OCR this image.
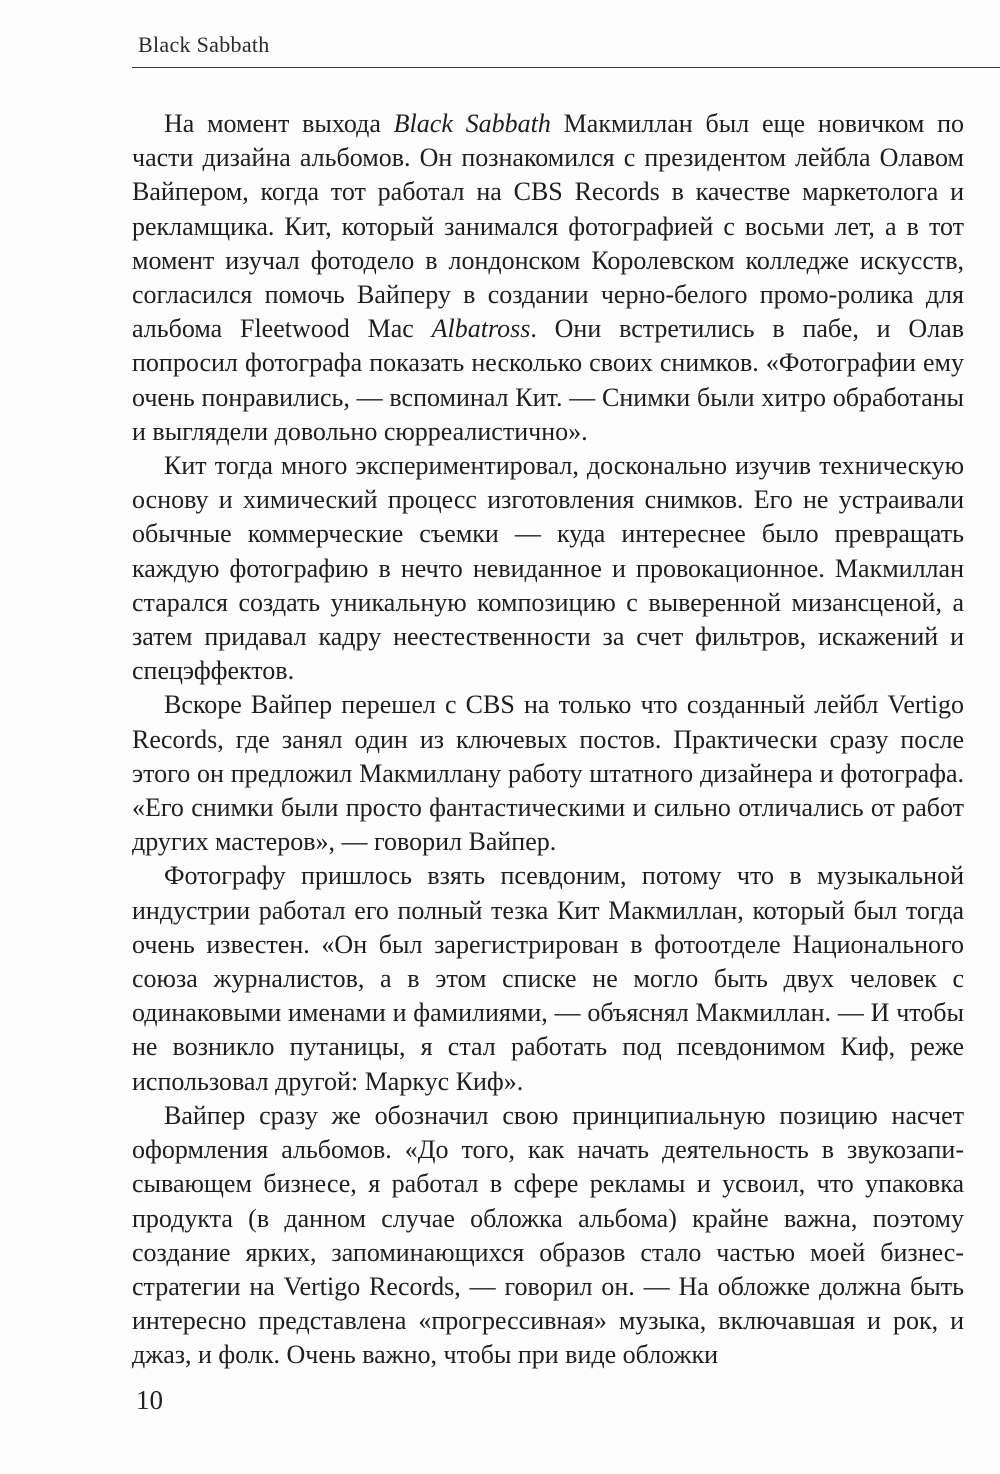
Black Sabbath

На момент выхода Black Sabbath Макмиллан был еще новичком по части дизайна альбомов. Он познакомился с президентом лейбла Олавом Вайпером, когда тот работал на CBS Records в качестве маркетолога и рекламщика. Кит, который занимался фотографией с восьми лет, а в тот момент изучал фотодело в лондонском Королевском колледже искусств, согласился помочь Вайперу в создании черно-белого промо-ролика для альбома Fleetwood Mac Albatross. Они встретились в пабе, и Олав попросил фотографа показать несколько своих снимков. «Фотографии ему очень понравились, — вспоминал Кит. — Снимки были хитро обработаны и выглядели довольно сюрреалистично».

Кит тогда много экспериментировал, досконально изучив техническую основу и химический процесс изготовления снимков. Его не устраивали обычные коммерческие съемки — куда интереснее было превращать каждую фотографию в нечто невиданное и провокационное. Макмиллан старался создать уникальную композицию с выверенной мизансценой, а затем придавал кадру неестественности за счет фильтров, искажений и спецэффектов.

Вскоре Вайпер перешел с CBS на только что созданный лейбл Vertigo Records, где занял один из ключевых постов. Практически сразу после этого он предложил Макмиллану работу штатного дизайнера и фотографа. «Его снимки были просто фантастическими и сильно отличались от работ других мастеров», — говорил Вайпер.

Фотографу пришлось взять псевдоним, потому что в музыкальной индустрии работал его полный тезка Кит Макмиллан, который был тогда очень известен. «Он был зарегистрирован в фотоотделе Национального союза журналистов, а в этом списке не могло быть двух человек с одинаковыми именами и фамилиями, — объяснял Макмиллан. — И чтобы не возникло путаницы, я стал работать под псевдонимом Киф, реже использовал другой: Маркус Киф».

Вайпер сразу же обозначил свою принципиальную позицию насчет оформления альбомов. «До того, как начать деятельность в звукозаписывающем бизнесе, я работал в сфере рекламы и усвоил, что упаковка продукта (в данном случае обложка альбома) крайне важна, поэтому создание ярких, запоминающихся образов стало частью моей бизнес-стратегии на Vertigo Records, — говорил он. — На обложке должна быть интересно представлена «прогрессивная» музыка, включавшая и рок, и джаз, и фолк. Очень важно, чтобы при виде обложки

10
